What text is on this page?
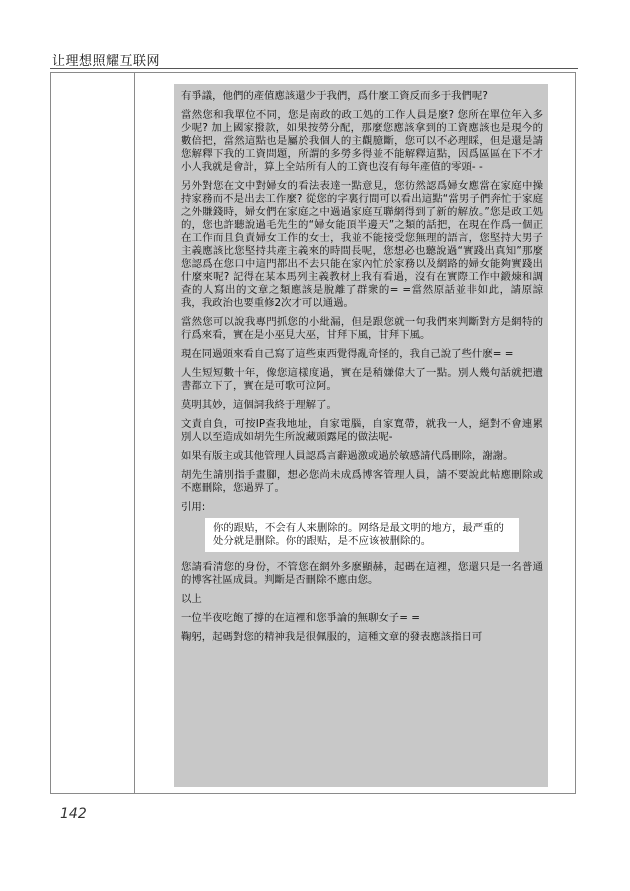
让理想照耀互联网

有爭議，他們的產值應該還少于我們，爲什麼工資反而多于我們呢?

當然您和我單位不同，您是南政的政工処的工作人員是麼? 您所在單位年入多少呢? 加上國家撥款，如果按勞分配，那麼您應該拿到的工資應該也是現今的數倍把，當然這點也是屬於我個人的主觀臆斷，您可以不必理睬，但是還是請您解釋下我的工資問題，所謂的多勞多得並不能解釋這點，因爲區區在下不才小人我就是會計，算上全站所有人的工資也沒有每年產值的零頭- -

另外對您在文中對婦女的看法表達一點意見，您彷然認爲婦女應當在家庭中操持家務而不是出去工作麼? 從您的字裏行間可以看出這點“當男子們奔忙于家庭之外賺錢時，婦女們在家庭之中過過家庭互聯網得到了新的解放。”您是政工処的，您也許聽說過毛先生的“婦女能頂半邊天”之類的話把，在現在作爲一個正在工作而且負責婦女工作的女士，我並不能接受您無理的語言，您堅持大男子主義應該比您堅持共產主義來的時間長呢，您想必也聽說過“實踐出真知”那麼您認爲在您口中這門都出不去只能在家內忙於家務以及網路的婦女能夠實踐出什麼來呢? 記得在某本馬列主義教材上我有看過，沒有在實際工作中鍛煉和調查的人寫出的文章之類應該是脫離了群衆的= =當然原話並非如此，請原諒我，我政治也要重修2次才可以通過。

當然您可以說我專門抓您的小紕漏，但是跟您就一句我們來判斷對方是網特的行爲來看，實在是小巫見大巫，甘拜下風，甘拜下風。

現在同過頭來看自己寫了這些東西覺得亂奇怪的，我自己說了些什麽= =

人生短短數十年，像您這樣度過，實在是稍嫌偉大了一點。別人幾句話就把遺書都立下了，實在是可歌可泣阿。

莫明其妙，這個詞我終于理解了。

文責自負，可按IP查我地址，自家電腦，自家寬帶，就我一人，絕對不會連累別人以至造成如胡先生所說藏頭露尾的做法呢-

如果有版主或其他管理人員認爲言辭過激或過於敏感請代爲刪除，謝謝。

胡先生請別指手畫腳，想必您尚未成爲博客管理人員，請不要說此帖應刪除或不應刪除，您過界了。

引用:

你的跟贴，不会有人来删除的。网络是最文明的地方，最严重的处分就是删除。你的跟贴，是不应该被删除的。

您請看清您的身份，不管您在網外多麽顯赫，起碼在這裡，您還只是一名普通的博客社區成員。判斷是否刪除不應由您。

以上

一位半夜吃飽了撐的在這裡和您爭論的無聊女子= =

鞠躬，起碼對您的精神我是很佩服的，這種文章的發表應該指日可

142
